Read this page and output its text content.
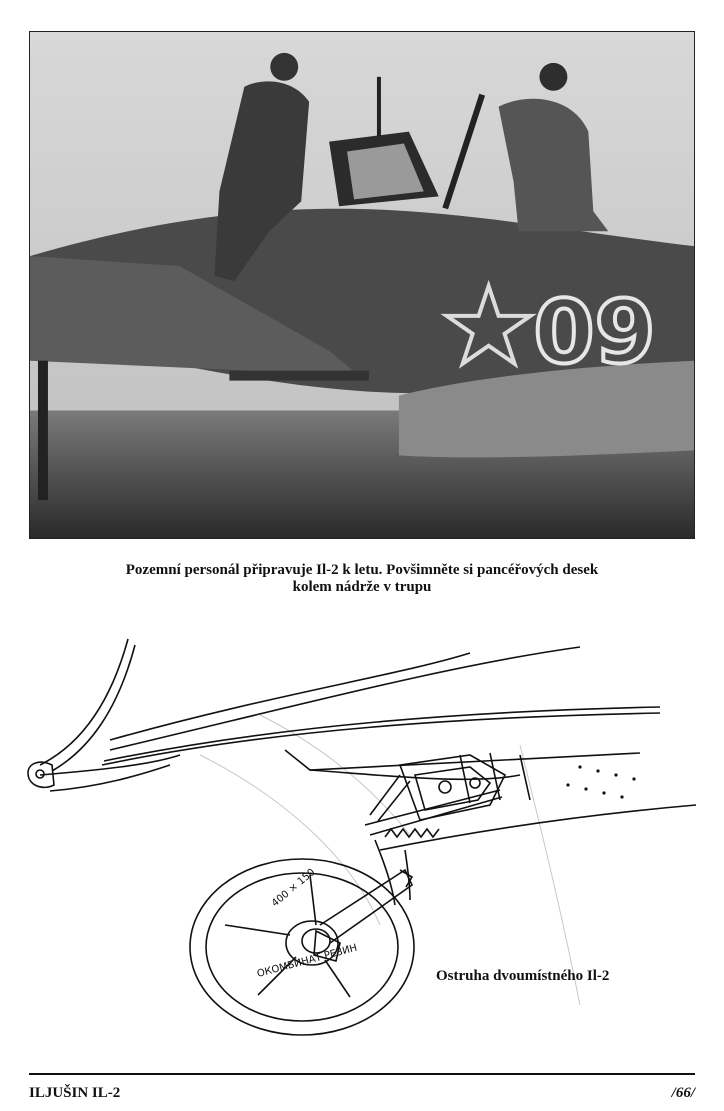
09
Pozemní personál připravuje Il-2 k letu. Povšimněte si pancéřových desek
kolem nádrže v trupu
400 × 150
ОКОМБИНАТ РЕЗИН	Ostruha dvoumístného Il-2
ILJUŠIN IL-2	/66/
